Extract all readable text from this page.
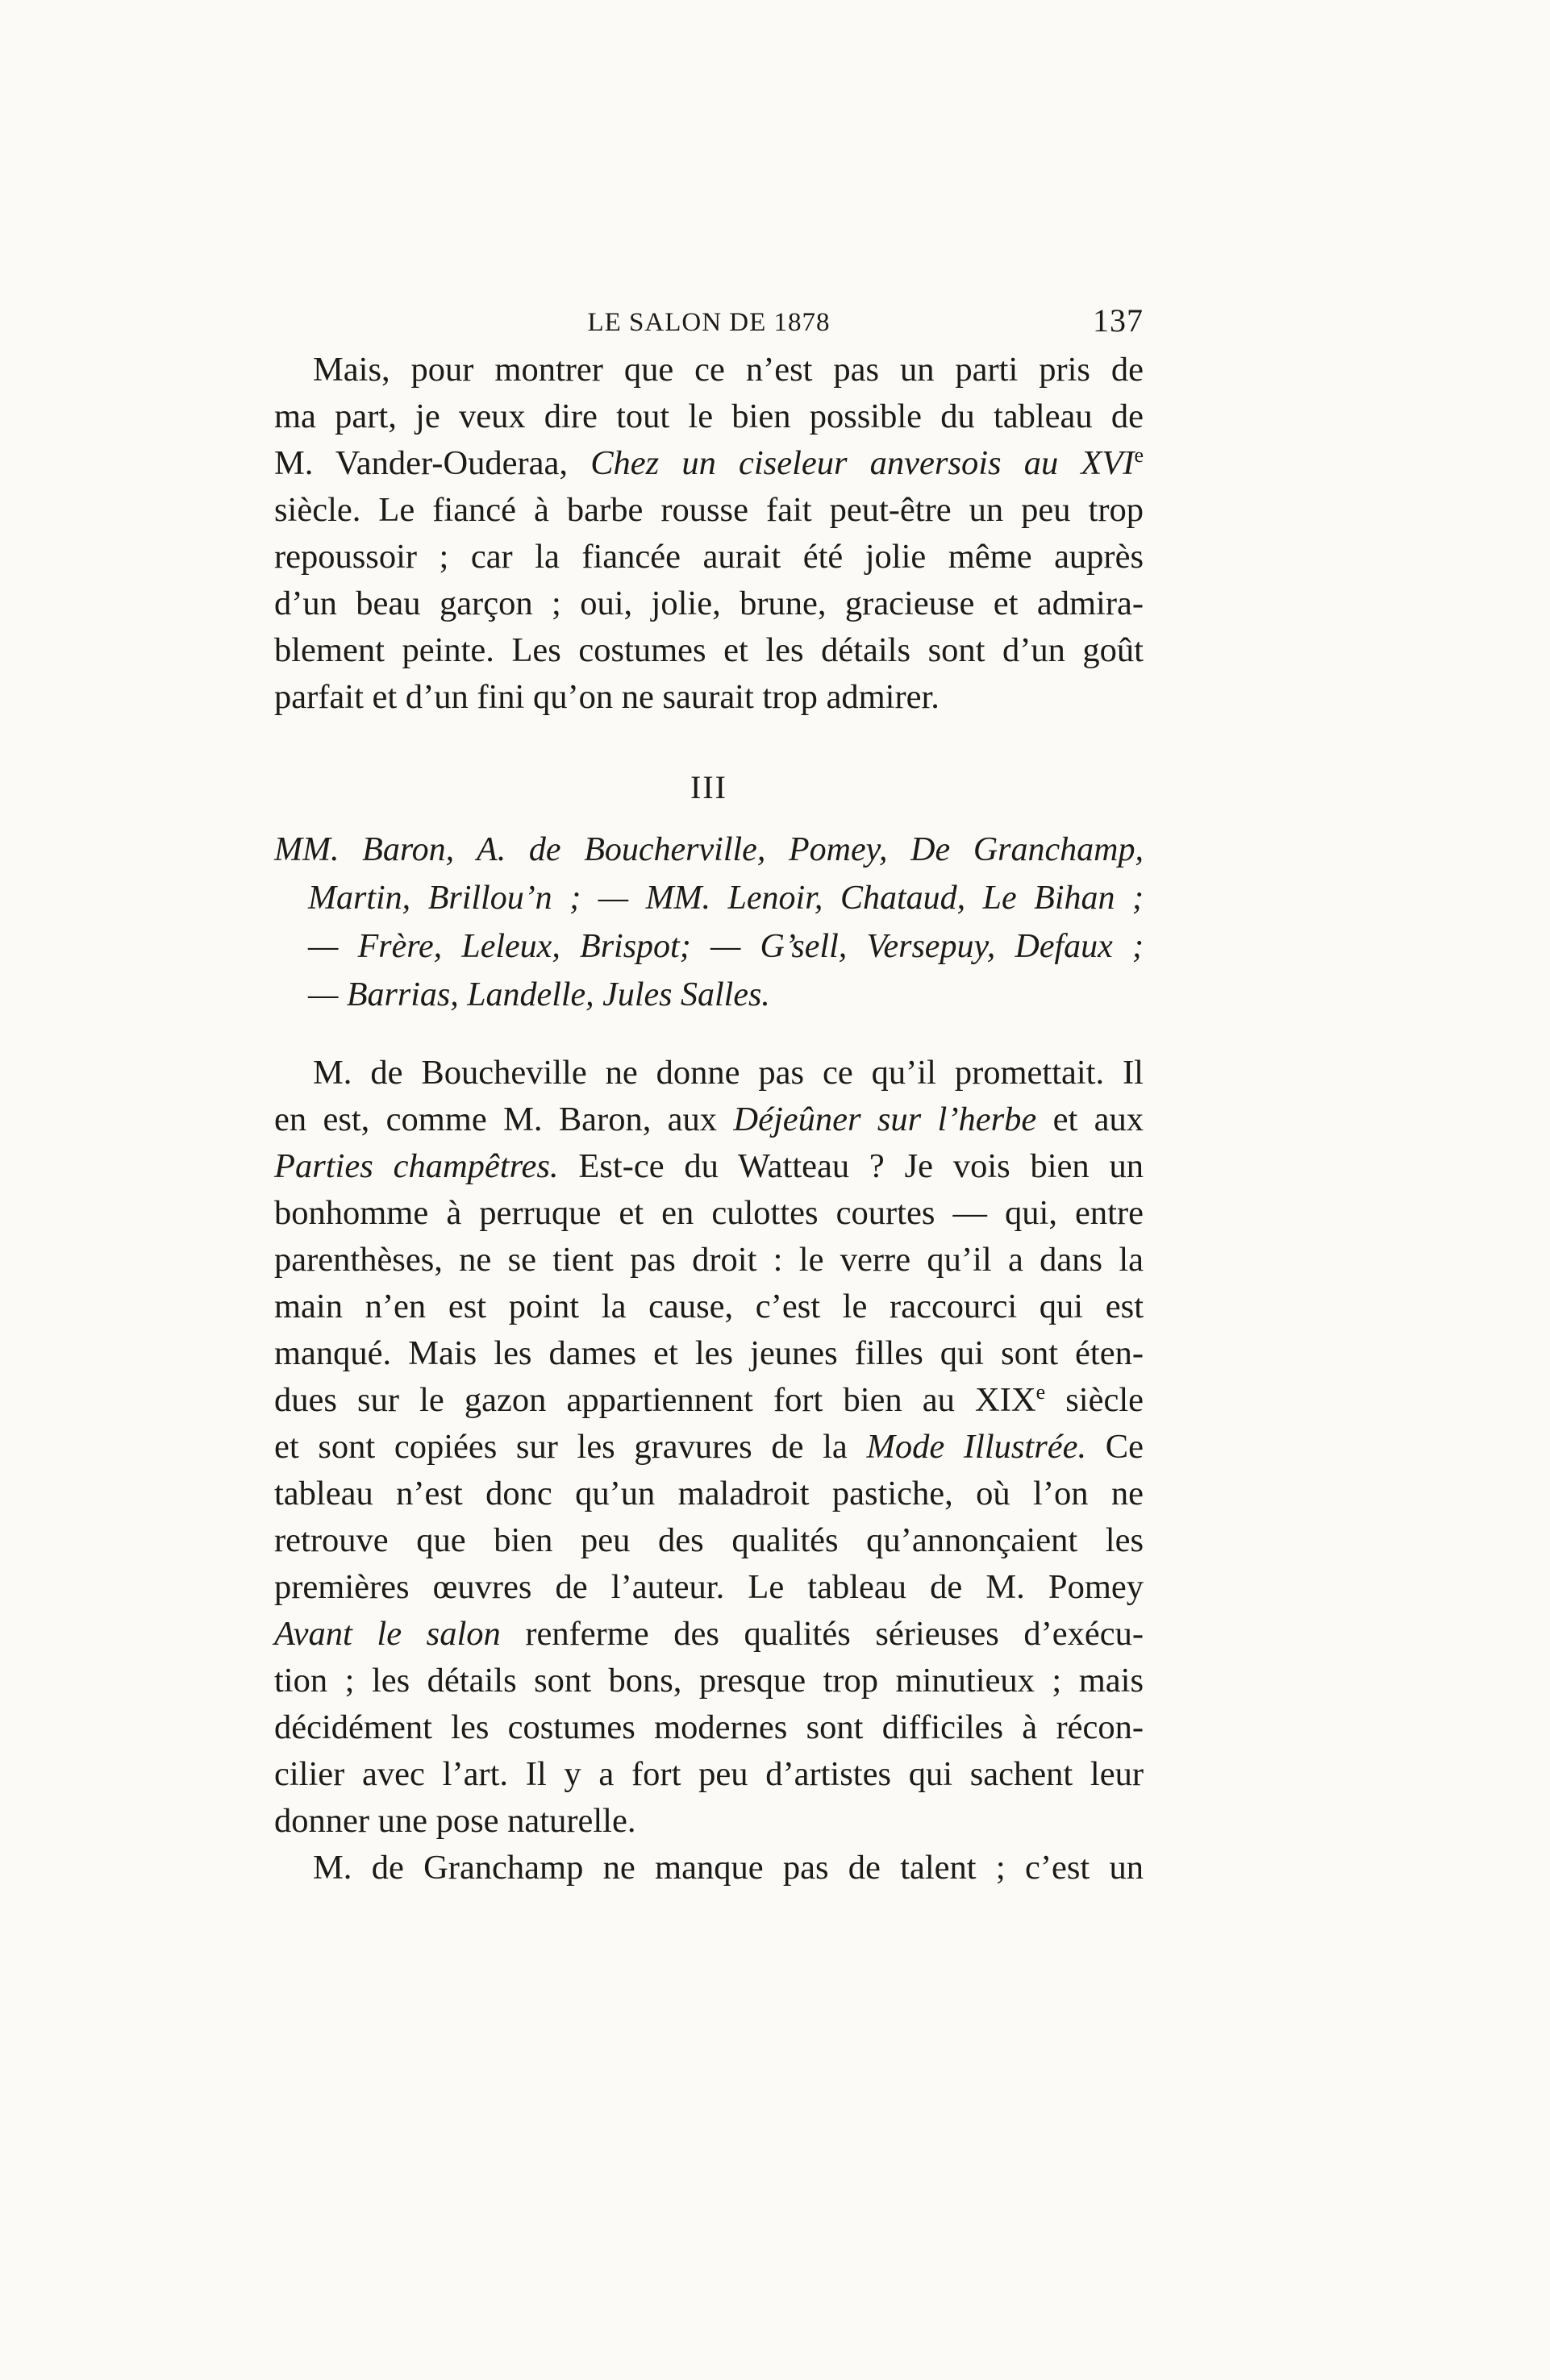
LE SALON DE 1878	137
Mais, pour montrer que ce n’est pas un parti pris de
ma part, je veux dire tout le bien possible du tableau de
M. Vander-Ouderaa, Chez un ciseleur anversois au XVIe
siècle. Le fiancé à barbe rousse fait peut-être un peu trop
repoussoir ; car la fiancée aurait été jolie même auprès
d’un beau garçon ; oui, jolie, brune, gracieuse et admira-
blement peinte. Les costumes et les détails sont d’un goût
parfait et d’un fini qu’on ne saurait trop admirer.
III
MM. Baron, A. de Boucherville, Pomey, De Granchamp,
Martin, Brillou’n ; — MM. Lenoir, Chataud, Le Bihan ;
— Frère, Leleux, Brispot; — G’sell, Versepuy, Defaux ;
— Barrias, Landelle, Jules Salles.
M. de Boucheville ne donne pas ce qu’il promettait. Il
en est, comme M. Baron, aux Déjeûner sur l’herbe et aux
Parties champêtres. Est-ce du Watteau ? Je vois bien un
bonhomme à perruque et en culottes courtes — qui, entre
parenthèses, ne se tient pas droit : le verre qu’il a dans la
main n’en est point la cause, c’est le raccourci qui est
manqué. Mais les dames et les jeunes filles qui sont éten-
dues sur le gazon appartiennent fort bien au XIXe siècle
et sont copiées sur les gravures de la Mode Illustrée. Ce
tableau n’est donc qu’un maladroit pastiche, où l’on ne
retrouve que bien peu des qualités qu’annonçaient les
premières œuvres de l’auteur. Le tableau de M. Pomey
Avant le salon renferme des qualités sérieuses d’exécu-
tion ; les détails sont bons, presque trop minutieux ; mais
décidément les costumes modernes sont difficiles à récon-
cilier avec l’art. Il y a fort peu d’artistes qui sachent leur
donner une pose naturelle.
M. de Granchamp ne manque pas de talent ; c’est un
